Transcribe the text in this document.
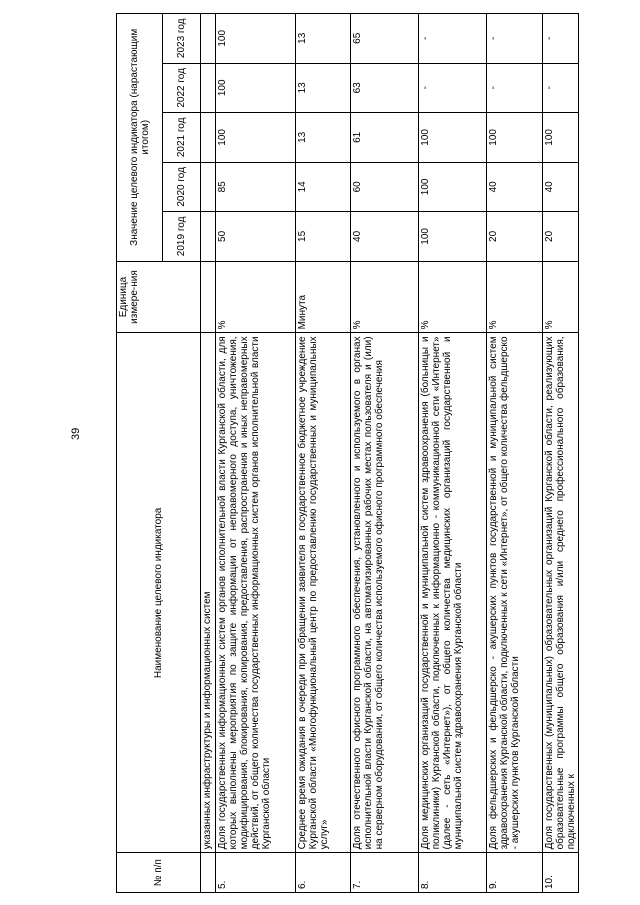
39
№ п/п	Наименование целевого индикатора	Единица измере-ния	Значение целевого индикатора (нарастающим итогом)				
			2019 год	2020 год	2021 год	2022 год	2023 год
	указанных инфраструктуры и информационных систем						
5.	Доля государственных информационных систем органов исполнительной власти Курганской области, для которых выполнены мероприятия по защите информации от неправомерного доступа, уничтожения, модифицирования, блокирования, копирования, предоставления, распространения и иных неправомерных действий, от общего количества государственных информационных систем органов исполнительной власти Курганской области	%	50	85	100	100	100
6.	Среднее время ожидания в очереди при обращении заявителя в государственное бюджетное учреждение Курганской области «Многофункциональный центр по предоставлению государственных и муниципальных услуг»	Минута	15	14	13	13	13
7.	Доля отечественного офисного программного обеспечения, установленного и используемого в органах исполнительной власти Курганской области, на автоматизированных рабочих местах пользователя и (или) на серверном оборудовании, от общего количества используемого офисного программного обеспечения	%	40	60	61	63	65
8.	Доля медицинских организаций государственной и муниципальной систем здравоохранения (больницы и поликлиники) Курганской области, подключенных к информационно - коммуникационной сети «Интернет» (далее - сеть «Интернет»), от общего количества медицинских организаций государственной и муниципальной систем здравоохранения Курганской области	%	100	100	100	-	-
9.	Доля фельдшерских и фельдшерско - акушерских пунктов государственной и муниципальной систем здравоохранения Курганской области, подключенных к сети «Интернет», от общего количества фельдшерско - акушерских пунктов Курганской области	%	20	40	100	-	-
10.	Доля государственных (муниципальных) образовательных организаций Курганской области, реализующих образовательные программы общего образования и/или среднего профессионального образования, подключенных к	%	20	40	100	-	-
